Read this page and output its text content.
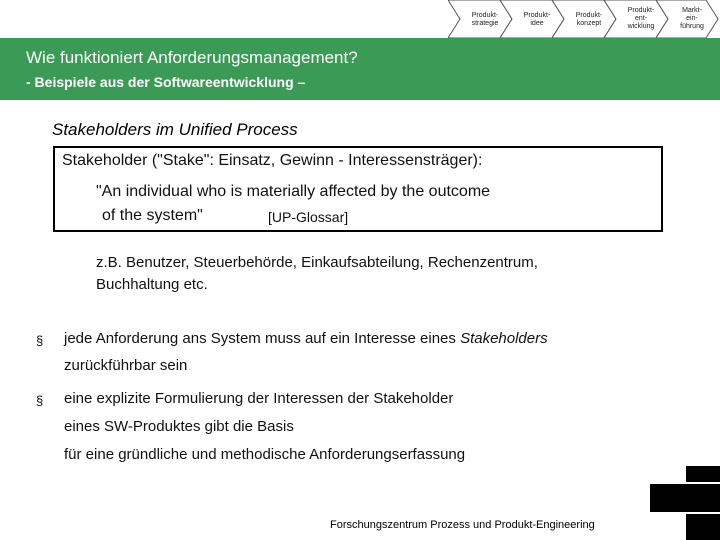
Produkt-
strategie
Produkt-
idee
Produkt-
konzept
Produkt-
ent-
wicklung
Markt-
ein-
führung
Wie funktioniert Anforderungsmanagement?
- Beispiele aus der Softwareentwicklung –
Stakeholders im Unified Process
Stakeholder ("Stake": Einsatz, Gewinn - Interessensträger):
"An individual who is materially affected by the outcome
of the system"	[UP-Glossar]
z.B. Benutzer, Steuerbehörde, Einkaufsabteilung, Rechenzentrum,
Buchhaltung etc.
§ jede Anforderung ans System muss auf ein Interesse eines Stakeholders
zurückführbar sein
§ eine explizite Formulierung der Interessen der Stakeholder
eines SW-Produktes gibt die Basis
für eine gründliche und methodische Anforderungserfassung
Forschungszentrum Prozess und Produkt-Engineering
